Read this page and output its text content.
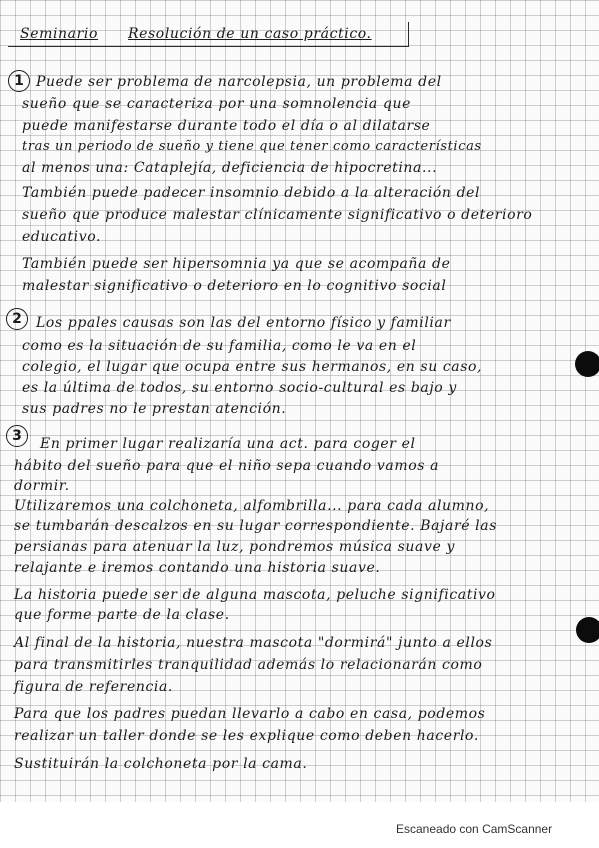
Seminario Resolución de un caso práctico.

1 Puede ser problema de narcolepsia, un problema del

sueño que se caracteriza por una somnolencia que

puede manifestarse durante todo el día o al dilatarse

tras un periodo de sueño y tiene que tener como características

al menos una: Cataplejía, deficiencia de hipocretina...

También puede padecer insomnio debido a la alteración del

sueño que produce malestar clínicamente significativo o deterioro

educativo.

También puede ser hipersomnia ya que se acompaña de

malestar significativo o deterioro en lo cognitivo social

2	Los ppales causas son las del entorno físico y familiar

como es la situación de su familia, como le va en el

colegio, el lugar que ocupa entre sus hermanos, en su caso,

es la última de todos, su entorno socio-cultural es bajo y

sus padres no le prestan atención.

3	En primer lugar realizaría una act. para coger el

hábito del sueño para que el niño sepa cuando vamos a

dormir.

Utilizaremos una colchoneta, alfombrilla... para cada alumno,

se tumbarán descalzos en su lugar correspondiente. Bajaré las

persianas para atenuar la luz, pondremos música suave y

relajante e iremos contando una historia suave.

La historia puede ser de alguna mascota, peluche significativo

que forme parte de la clase.

Al final de la historia, nuestra mascota "dormirá" junto a ellos

para transmitirles tranquilidad además lo relacionarán como

figura de referencia.

Para que los padres puedan llevarlo a cabo en casa, podemos

realizar un taller donde se les explique como deben hacerlo.

Sustituirán la colchoneta por la cama.

Escaneado con CamScanner
